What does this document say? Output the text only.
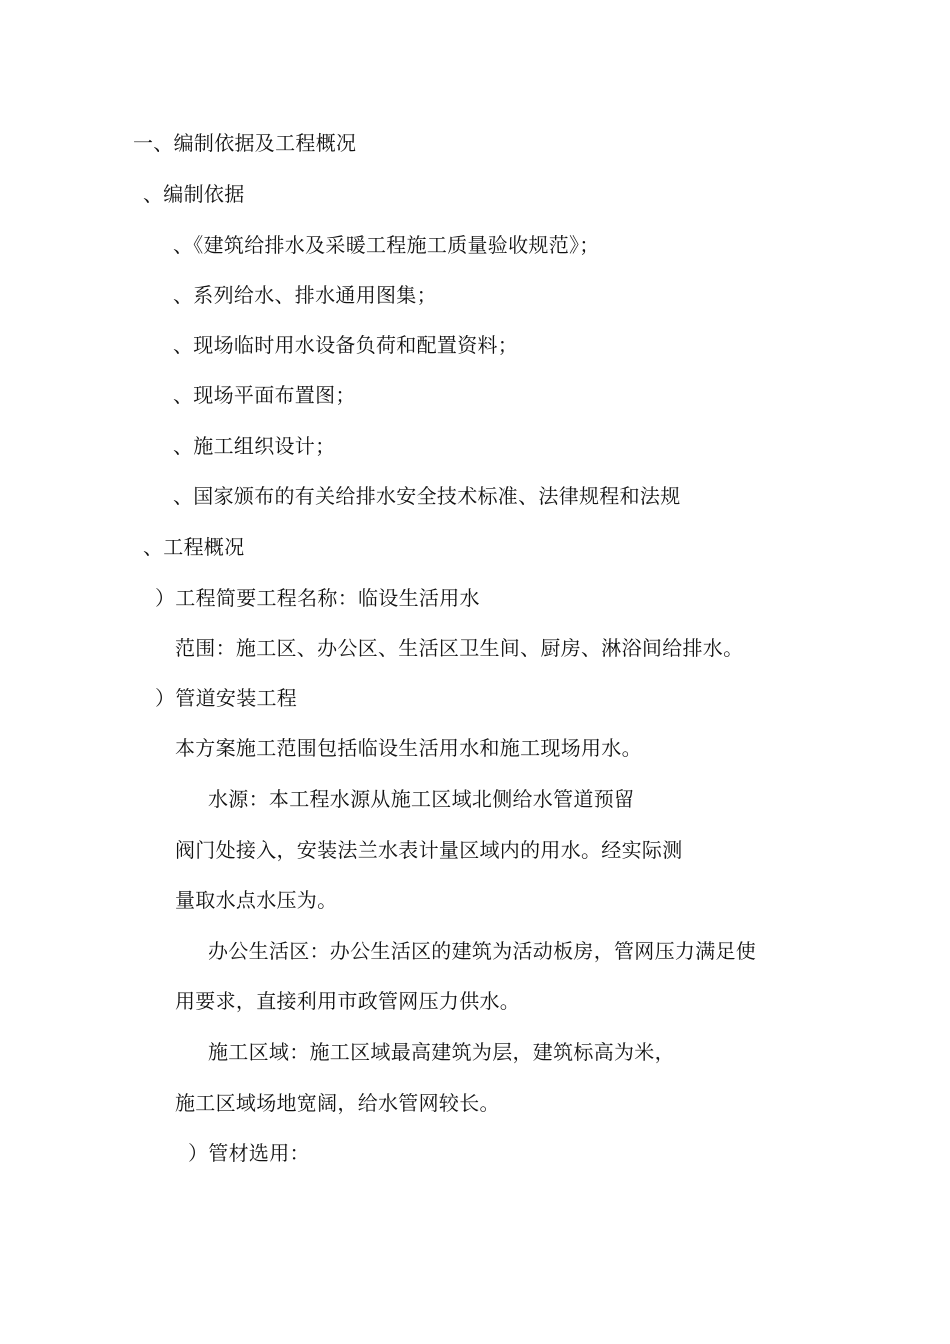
一、编制依据及工程概况
、编制依据
、《建筑给排水及采暖工程施工质量验收规范》；
、系列给水、排水通用图集；
、现场临时用水设备负荷和配置资料；
、现场平面布置图；
、施工组织设计；
、国家颁布的有关给排水安全技术标准、法律规程和法规
、工程概况
）工程简要工程名称：临设生活用水
范围：施工区、办公区、生活区卫生间、厨房、淋浴间给排水。
）管道安装工程
本方案施工范围包括临设生活用水和施工现场用水。
水源：本工程水源从施工区域北侧给水管道预留
阀门处接入，安装法兰水表计量区域内的用水。经实际测
量取水点水压为。
办公生活区：办公生活区的建筑为活动板房，管网压力满足使
用要求，直接利用市政管网压力供水。
施工区域：施工区域最高建筑为层，建筑标高为米，
施工区域场地宽阔，给水管网较长。
）管材选用：
